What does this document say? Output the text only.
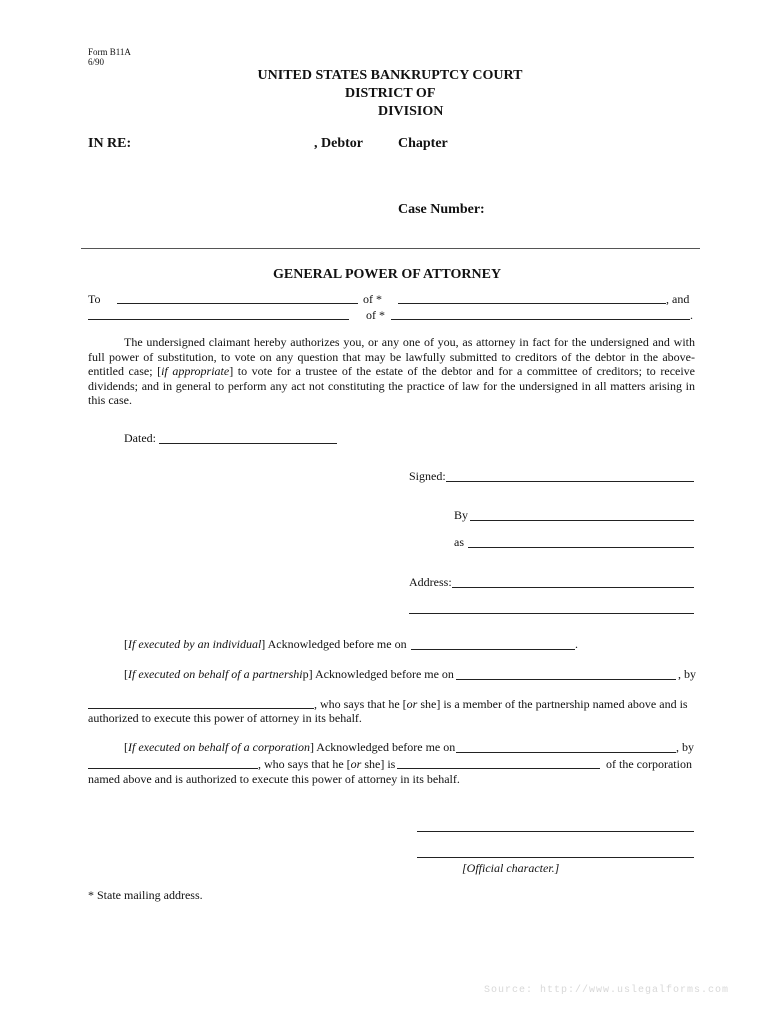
Form B11A
6/90
UNITED STATES BANKRUPTCY COURT
DISTRICT OF
DIVISION
IN RE:	, Debtor	Chapter
Case Number:
GENERAL POWER OF ATTORNEY
To	of *	, and
of *	.
The undersigned claimant hereby authorizes you, or any one of you, as attorney in fact for the undersigned and with full power of substitution, to vote on any question that may be lawfully submitted to creditors of the debtor in the above-entitled case; [if appropriate] to vote for a trustee of the estate of the debtor and for a committee of creditors; to receive dividends; and in general to perform any act not constituting the practice of law for the undersigned in all matters arising in this case.
Dated:
Signed:
By
as
Address:
[If executed by an individual] Acknowledged before me on	.
[If executed on behalf of a partnership] Acknowledged before me on	, by
, who says that he [or she] is a member of the partnership named above and is
authorized to execute this power of attorney in its behalf.
[If executed on behalf of a corporation] Acknowledged before me on	, by
, who says that he [or she] is	of the corporation
named above and is authorized to execute this power of attorney in its behalf.
[Official character.]
* State mailing address.
Source: http://www.uslegalforms.com
